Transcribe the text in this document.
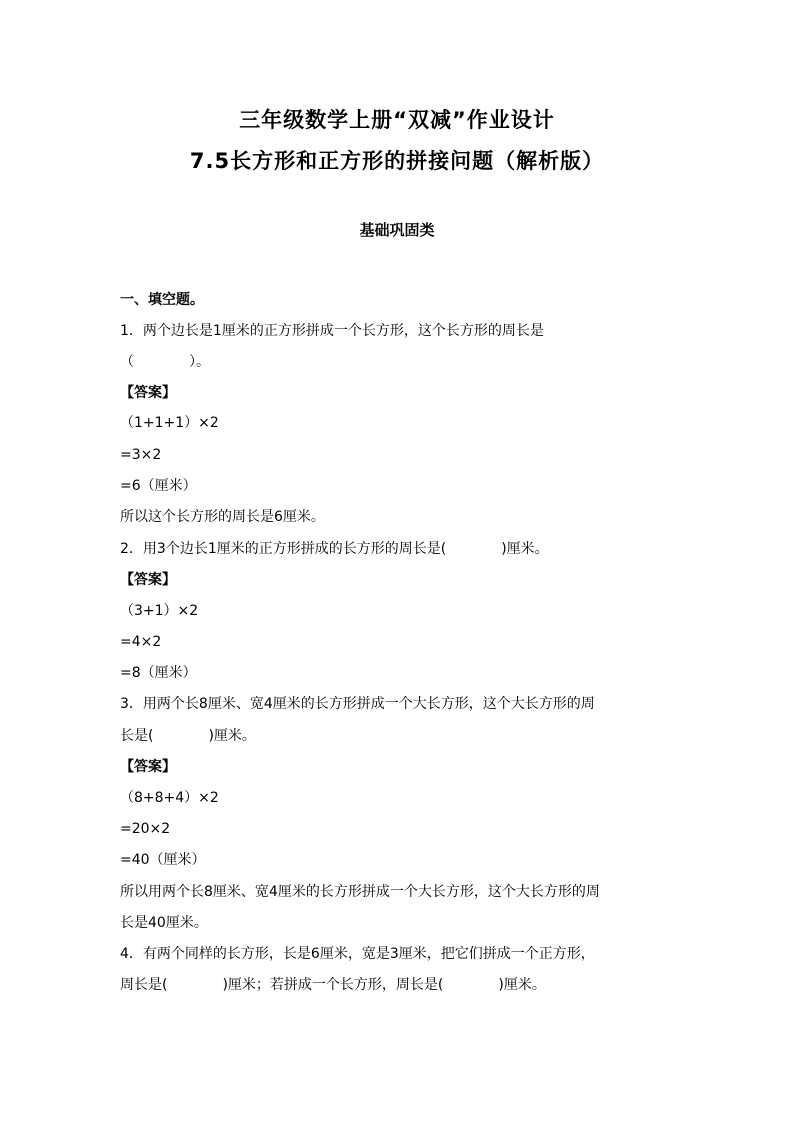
三年级数学上册“双减”作业设计
7.5长方形和正方形的拼接问题（解析版）
基础巩固类
一、填空题。
1．两个边长是1厘米的正方形拼成一个长方形，这个长方形的周长是
（	）。
【答案】
（1+1+1）×2
=3×2
=6（厘米）
所以这个长方形的周长是6厘米。
2．用3个边长1厘米的正方形拼成的长方形的周长是(	)厘米。
【答案】
（3+1）×2
=4×2
=8（厘米）
3．用两个长8厘米、宽4厘米的长方形拼成一个大长方形，这个大长方形的周
长是(	)厘米。
【答案】
（8+8+4）×2
=20×2
=40（厘米）
所以用两个长8厘米、宽4厘米的长方形拼成一个大长方形，这个大长方形的周
长是40厘米。
4．有两个同样的长方形，长是6厘米，宽是3厘米，把它们拼成一个正方形，
周长是(	)厘米；若拼成一个长方形，周长是(	)厘米。
